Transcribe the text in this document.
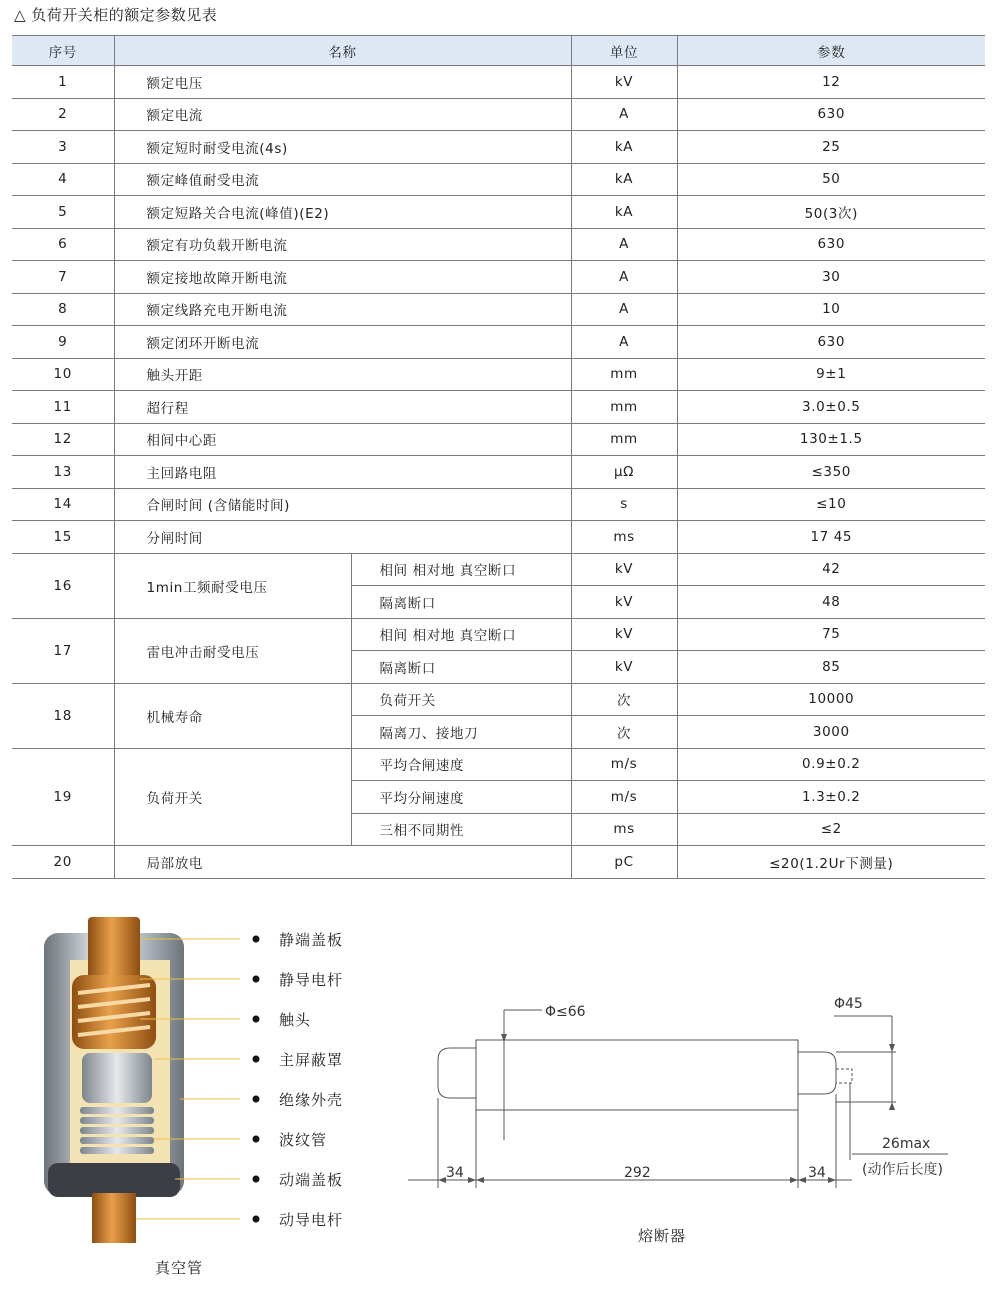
△ 负荷开关柜的额定参数见表
序号	名称		单位	参数
1	额定电压		kV	12
2	额定电流		A	630
3	额定短时耐受电流(4s)		kA	25
4	额定峰值耐受电流		kA	50
5	额定短路关合电流(峰值)(E2)		kA	50(3次)
6	额定有功负载开断电流		A	630
7	额定接地故障开断电流		A	30
8	额定线路充电开断电流		A	10
9	额定闭环开断电流		A	630
10	触头开距		mm	9±1
11	超行程		mm	3.0±0.5
12	相间中心距		mm	130±1.5
13	主回路电阻		μΩ	≤350
14	合闸时间 (含储能时间)		s	≤10
15	分闸时间		ms	17 45
16	1min工频耐受电压	相间 相对地 真空断口	kV	42
		隔离断口	kV	48
17	雷电冲击耐受电压	相间 相对地 真空断口	kV	75
		隔离断口	kV	85
18	机械寿命	负荷开关	次	10000
		隔离刀、接地刀	次	3000
19	负荷开关	平均合闸速度	m/s	0.9±0.2
		平均分闸速度	m/s	1.3±0.2
		三相不同期性	ms	≤2
20	局部放电		pC	≤20(1.2Ur下测量)
静端盖板
静导电杆
触头
主屏蔽罩
绝缘外壳
波纹管
动端盖板
动导电杆
真空管
Φ≤66	Φ45
34	292	34
26max
(动作后长度)
熔断器
